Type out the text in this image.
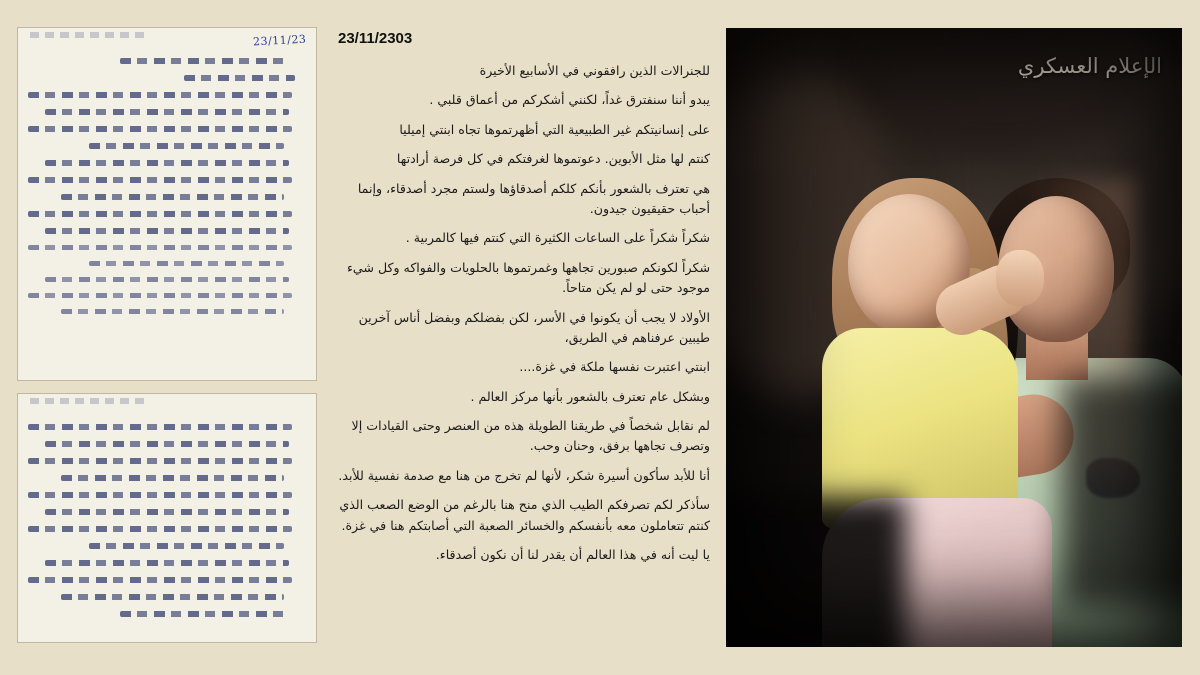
23/11/23 23/11/2303

للجنرالات الذين رافقوني في الأسابيع الأخيرة

يبدو أننا سنفترق غداً، لكنني أشكركم من أعماق قلبي .

على إنسانيتكم غير الطبيعية التي أظهرتموها تجاه ابنتي إميليا

كنتم لها مثل الأبوين. دعوتموها لغرفتكم في كل فرصة أرادتها

هي تعترف بالشعور بأنكم كلكم أصدقاؤها ولستم مجرد أصدقاء، وإنما أحباب حقيقيون جيدون.

شكراً شكراً على الساعات الكثيرة التي كنتم فيها كالمربية .

شكراً لكونكم صبورين تجاهها وغمرتموها بالحلويات والفواكه وكل شيء موجود حتى لو لم يكن متاحاً.

الأولاد لا يجب أن يكونوا في الأسر، لكن بفضلكم وبفضل أناس آخرين طيبين عرفناهم في الطريق،

ابنتي اعتبرت نفسها ملكة في غزة....

وبشكل عام تعترف بالشعور بأنها مركز العالم .

لم نقابل شخصاً في طريقنا الطويلة هذه من العنصر وحتى القيادات إلا وتصرف تجاهها برفق، وحنان وحب.

أنا للأبد سأكون أسيرة شكر، لأنها لم تخرج من هنا مع صدمة نفسية للأبد.

سأذكر لكم تصرفكم الطيب الذي منح هنا بالرغم من الوضع الصعب الذي كنتم تتعاملون معه بأنفسكم والخسائر الصعبة التي أصابتكم هنا في غزة.

يا ليت أنه في هذا العالم أن يقدر لنا أن نكون أصدقاء.

الإعلام العسكري
